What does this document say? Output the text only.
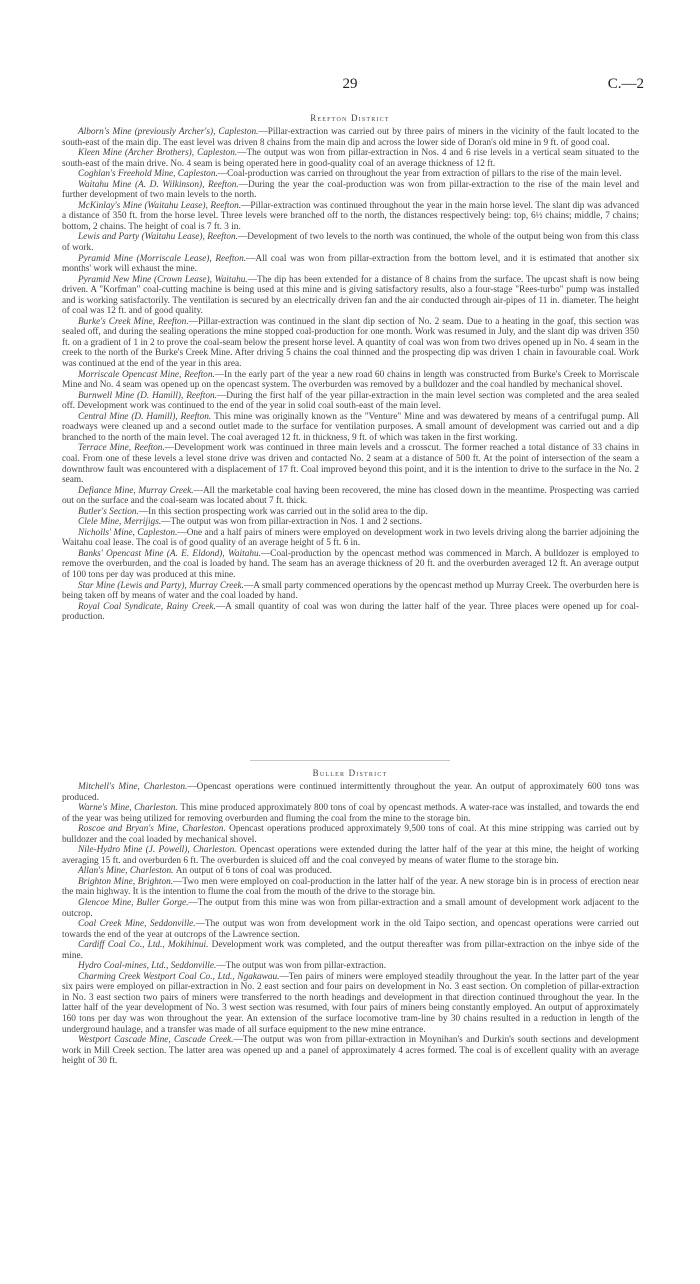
29	C.—2
Reefton District

Alborn's Mine (previously Archer's), Capleston.—Pillar-extraction was carried out by three pairs of miners in the vicinity of the fault located to the south-east of the main dip. The east level was driven 8 chains from the main dip and across the lower side of Doran's old mine in 9 ft. of good coal.

Kleen Mine (Archer Brothers), Capleston.—The output was won from pillar-extraction in Nos. 4 and 6 rise levels in a vertical seam situated to the south-east of the main drive. No. 4 seam is being operated here in good-quality coal of an average thickness of 12 ft.

Coghlan's Freehold Mine, Capleston.—Coal-production was carried on throughout the year from extraction of pillars to the rise of the main level.

Waitahu Mine (A. D. Wilkinson), Reefton.—During the year the coal-production was won from pillar-extraction to the rise of the main level and further development of two main levels to the north.

McKinlay's Mine (Waitahu Lease), Reefton.—Pillar-extraction was continued throughout the year in the main horse level. The slant dip was advanced a distance of 350 ft. from the horse level. Three levels were branched off to the north, the distances respectively being: top, 6½ chains; middle, 7 chains; bottom, 2 chains. The height of coal is 7 ft. 3 in.

Lewis and Party (Waitahu Lease), Reefton.—Development of two levels to the north was continued, the whole of the output being won from this class of work.

Pyramid Mine (Morriscale Lease), Reefton.—All coal was won from pillar-extraction from the bottom level, and it is estimated that another six months' work will exhaust the mine.

Pyramid New Mine (Crown Lease), Waitahu.—The dip has been extended for a distance of 8 chains from the surface. The upcast shaft is now being driven. A "Korfman" coal-cutting machine is being used at this mine and is giving satisfactory results, also a four-stage "Rees-turbo" pump was installed and is working satisfactorily. The ventilation is secured by an electrically driven fan and the air conducted through air-pipes of 11 in. diameter. The height of coal was 12 ft. and of good quality.

Burke's Creek Mine, Reefton.—Pillar-extraction was continued in the slant dip section of No. 2 seam. Due to a heating in the goaf, this section was sealed off, and during the sealing operations the mine stopped coal-production for one month. Work was resumed in July, and the slant dip was driven 350 ft. on a gradient of 1 in 2 to prove the coal-seam below the present horse level. A quantity of coal was won from two drives opened up in No. 4 seam in the creek to the north of the Burke's Creek Mine. After driving 5 chains the coal thinned and the prospecting dip was driven 1 chain in favourable coal. Work was continued at the end of the year in this area.

Morriscale Opencast Mine, Reefton.—In the early part of the year a new road 60 chains in length was constructed from Burke's Creek to Morriscale Mine and No. 4 seam was opened up on the opencast system. The overburden was removed by a bulldozer and the coal handled by mechanical shovel.

Burnwell Mine (D. Hamill), Reefton.—During the first half of the year pillar-extraction in the main level section was completed and the area sealed off. Development work was continued to the end of the year in solid coal south-east of the main level.

Central Mine (D. Hamill), Reefton. This mine was originally known as the "Venture" Mine and was dewatered by means of a centrifugal pump. All roadways were cleaned up and a second outlet made to the surface for ventilation purposes. A small amount of development was carried out and a dip branched to the north of the main level. The coal averaged 12 ft. in thickness, 9 ft. of which was taken in the first working.

Terrace Mine, Reefton.—Development work was continued in three main levels and a crosscut. The former reached a total distance of 33 chains in coal. From one of these levels a level stone drive was driven and contacted No. 2 seam at a distance of 500 ft. At the point of intersection of the seam a downthrow fault was encountered with a displacement of 17 ft. Coal improved beyond this point, and it is the intention to drive to the surface in the No. 2 seam.

Defiance Mine, Murray Creek.—All the marketable coal having been recovered, the mine has closed down in the meantime. Prospecting was carried out on the surface and the coal-seam was located about 7 ft. thick.

Butler's Section.—In this section prospecting work was carried out in the solid area to the dip.

Clele Mine, Merrijigs.—The output was won from pillar-extraction in Nos. 1 and 2 sections.

Nicholls' Mine, Capleston.—One and a half pairs of miners were employed on development work in two levels driving along the barrier adjoining the Waitahu coal lease. The coal is of good quality of an average height of 5 ft. 6 in.

Banks' Opencast Mine (A. E. Eldond), Waitahu.—Coal-production by the opencast method was commenced in March. A bulldozer is employed to remove the overburden, and the coal is loaded by hand. The seam has an average thickness of 20 ft. and the overburden averaged 12 ft. An average output of 100 tons per day was produced at this mine.

Star Mine (Lewis and Party), Murray Creek.—A small party commenced operations by the opencast method up Murray Creek. The overburden here is being taken off by means of water and the coal loaded by hand.

Royal Coal Syndicate, Rainy Creek.—A small quantity of coal was won during the latter half of the year. Three places were opened up for coal-production.

Buller District

Mitchell's Mine, Charleston.—Opencast operations were continued intermittently throughout the year. An output of approximately 600 tons was produced.

Warne's Mine, Charleston. This mine produced approximately 800 tons of coal by opencast methods. A water-race was installed, and towards the end of the year was being utilized for removing overburden and fluming the coal from the mine to the storage bin.

Roscoe and Bryan's Mine, Charleston. Opencast operations produced approximately 9,500 tons of coal. At this mine stripping was carried out by bulldozer and the coal loaded by mechanical shovel.

Nile-Hydro Mine (J. Powell), Charleston. Opencast operations were extended during the latter half of the year at this mine, the height of working averaging 15 ft. and overburden 6 ft. The overburden is sluiced off and the coal conveyed by means of water flume to the storage bin.

Allan's Mine, Charleston. An output of 6 tons of coal was produced.

Brighton Mine, Brighton.—Two men were employed on coal-production in the latter half of the year. A new storage bin is in process of erection near the main highway. It is the intention to flume the coal from the mouth of the drive to the storage bin.

Glencoe Mine, Buller Gorge.—The output from this mine was won from pillar-extraction and a small amount of development work adjacent to the outcrop.

Coal Creek Mine, Seddonville.—The output was won from development work in the old Taipo section, and opencast operations were carried out towards the end of the year at outcrops of the Lawrence section.

Cardiff Coal Co., Ltd., Mokihinui. Development work was completed, and the output thereafter was from pillar-extraction on the inbye side of the mine.

Hydro Coal-mines, Ltd., Seddonville.—The output was won from pillar-extraction.

Charming Creek Westport Coal Co., Ltd., Ngakawau.—Ten pairs of miners were employed steadily throughout the year. In the latter part of the year six pairs were employed on pillar-extraction in No. 2 east section and four pairs on development in No. 3 east section. On completion of pillar-extraction in No. 3 east section two pairs of miners were transferred to the north headings and development in that direction continued throughout the year. In the latter half of the year development of No. 3 west section was resumed, with four pairs of miners being constantly employed. An output of approximately 160 tons per day was won throughout the year. An extension of the surface locomotive tram-line by 30 chains resulted in a reduction in length of the underground haulage, and a transfer was made of all surface equipment to the new mine entrance.

Westport Cascade Mine, Cascade Creek.—The output was won from pillar-extraction in Moynihan's and Durkin's south sections and development work in Mill Creek section. The latter area was opened up and a panel of approximately 4 acres formed. The coal is of excellent quality with an average height of 30 ft.
